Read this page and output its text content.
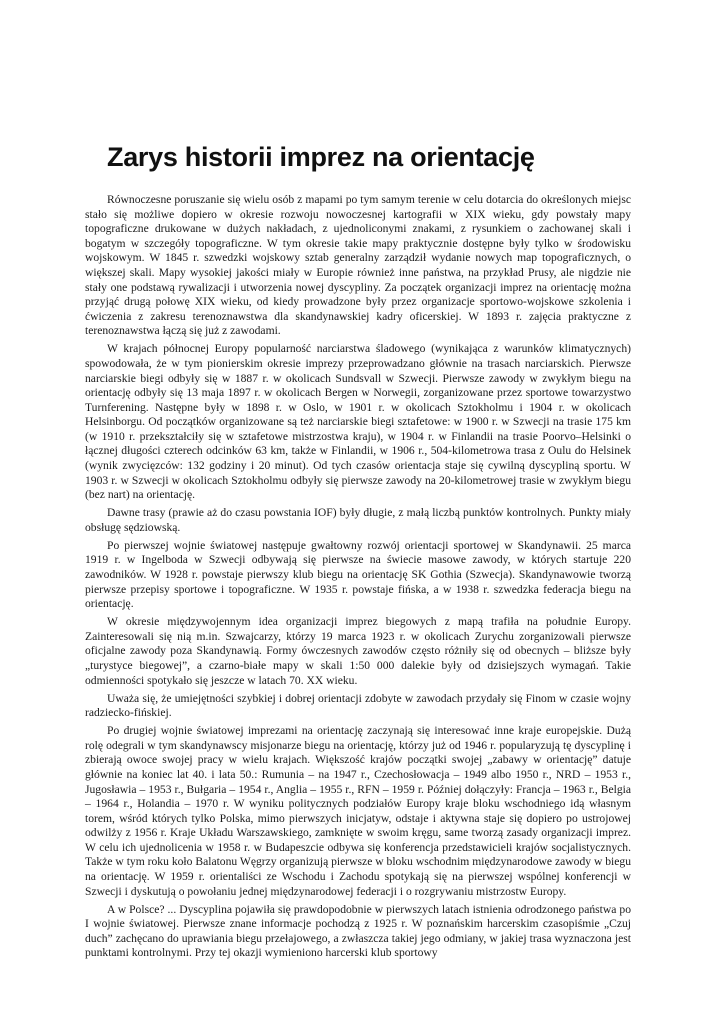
Zarys historii imprez na orientację

Równoczesne poruszanie się wielu osób z mapami po tym samym terenie w celu dotarcia do określonych miejsc stało się możliwe dopiero w okresie rozwoju nowoczesnej kartografii w XIX wieku, gdy powstały mapy topograficzne drukowane w dużych nakładach, z ujednoliconymi znakami, z rysunkiem o zachowanej skali i bogatym w szczegóły topograficzne. W tym okresie takie mapy praktycznie dostępne były tylko w środowisku wojskowym. W 1845 r. szwedzki wojskowy sztab generalny zarządził wydanie nowych map topograficznych, o większej skali. Mapy wysokiej jakości miały w Europie również inne państwa, na przykład Prusy, ale nigdzie nie stały one podstawą rywalizacji i utworzenia nowej dyscypliny. Za początek organizacji imprez na orientację można przyjąć drugą połowę XIX wieku, od kiedy prowadzone były przez organizacje sportowo-wojskowe szkolenia i ćwiczenia z zakresu terenoznawstwa dla skandynawskiej kadry oficerskiej. W 1893 r. zajęcia praktyczne z terenoznawstwa łączą się już z zawodami.

W krajach północnej Europy popularność narciarstwa śladowego (wynikająca z warunków klimatycznych) spowodowała, że w tym pionierskim okresie imprezy przeprowadzano głównie na trasach narciarskich. Pierwsze narciarskie biegi odbyły się w 1887 r. w okolicach Sundsvall w Szwecji. Pierwsze zawody w zwykłym biegu na orientację odbyły się 13 maja 1897 r. w okolicach Bergen w Norwegii, zorganizowane przez sportowe towarzystwo Turnferening. Następne były w 1898 r. w Oslo, w 1901 r. w okolicach Sztokholmu i 1904 r. w okolicach Helsinborgu. Od początków organizowane są też narciarskie biegi sztafetowe: w 1900 r. w Szwecji na trasie 175 km (w 1910 r. przekształciły się w sztafetowe mistrzostwa kraju), w 1904 r. w Finlandii na trasie Poorvo–Helsinki o łącznej długości czterech odcinków 63 km, także w Finlandii, w 1906 r., 504-kilometrowa trasa z Oulu do Helsinek (wynik zwycięzców: 132 godziny i 20 minut). Od tych czasów orientacja staje się cywilną dyscypliną sportu. W 1903 r. w Szwecji w okolicach Sztokholmu odbyły się pierwsze zawody na 20-kilometrowej trasie w zwykłym biegu (bez nart) na orientację.

Dawne trasy (prawie aż do czasu powstania IOF) były długie, z małą liczbą punktów kontrolnych. Punkty miały obsługę sędziowską.

Po pierwszej wojnie światowej następuje gwałtowny rozwój orientacji sportowej w Skandynawii. 25 marca 1919 r. w Ingelboda w Szwecji odbywają się pierwsze na świecie masowe zawody, w których startuje 220 zawodników. W 1928 r. powstaje pierwszy klub biegu na orientację SK Gothia (Szwecja). Skandynawowie tworzą pierwsze przepisy sportowe i topograficzne. W 1935 r. powstaje fińska, a w 1938 r. szwedzka federacja biegu na orientację.

W okresie międzywojennym idea organizacji imprez biegowych z mapą trafiła na południe Europy. Zainteresowali się nią m.in. Szwajcarzy, którzy 19 marca 1923 r. w okolicach Zurychu zorganizowali pierwsze oficjalne zawody poza Skandynawią. Formy ówczesnych zawodów często różniły się od obecnych – bliższe były „turystyce biegowej”, a czarno-białe mapy w skali 1:50 000 dalekie były od dzisiejszych wymagań. Takie odmienności spotykało się jeszcze w latach 70. XX wieku.

Uważa się, że umiejętności szybkiej i dobrej orientacji zdobyte w zawodach przydały się Finom w czasie wojny radziecko-fińskiej.

Po drugiej wojnie światowej imprezami na orientację zaczynają się interesować inne kraje europejskie. Dużą rolę odegrali w tym skandynawscy misjonarze biegu na orientację, którzy już od 1946 r. popularyzują tę dyscyplinę i zbierają owoce swojej pracy w wielu krajach. Większość krajów początki swojej „zabawy w orientację” datuje głównie na koniec lat 40. i lata 50.: Rumunia – na 1947 r., Czechosłowacja – 1949 albo 1950 r., NRD – 1953 r., Jugosławia – 1953 r., Bułgaria – 1954 r., Anglia – 1955 r., RFN – 1959 r. Później dołączyły: Francja – 1963 r., Belgia – 1964 r., Holandia – 1970 r. W wyniku politycznych podziałów Europy kraje bloku wschodniego idą własnym torem, wśród których tylko Polska, mimo pierwszych inicjatyw, odstaje i aktywna staje się dopiero po ustrojowej odwilży z 1956 r. Kraje Układu Warszawskiego, zamknięte w swoim kręgu, same tworzą zasady organizacji imprez. W celu ich ujednolicenia w 1958 r. w Budapeszcie odbywa się konferencja przedstawicieli krajów socjalistycznych. Także w tym roku koło Balatonu Węgrzy organizują pierwsze w bloku wschodnim międzynarodowe zawody w biegu na orientację. W 1959 r. orientaliści ze Wschodu i Zachodu spotykają się na pierwszej wspólnej konferencji w Szwecji i dyskutują o powołaniu jednej międzynarodowej federacji i o rozgrywaniu mistrzostw Europy.

A w Polsce? ... Dyscyplina pojawiła się prawdopodobnie w pierwszych latach istnienia odrodzonego państwa po I wojnie światowej. Pierwsze znane informacje pochodzą z 1925 r. W poznańskim harcerskim czasopiśmie „Czuj duch” zachęcano do uprawiania biegu przełajowego, a zwłaszcza takiej jego odmiany, w jakiej trasa wyznaczona jest punktami kontrolnymi. Przy tej okazji wymieniono harcerski klub sportowy
